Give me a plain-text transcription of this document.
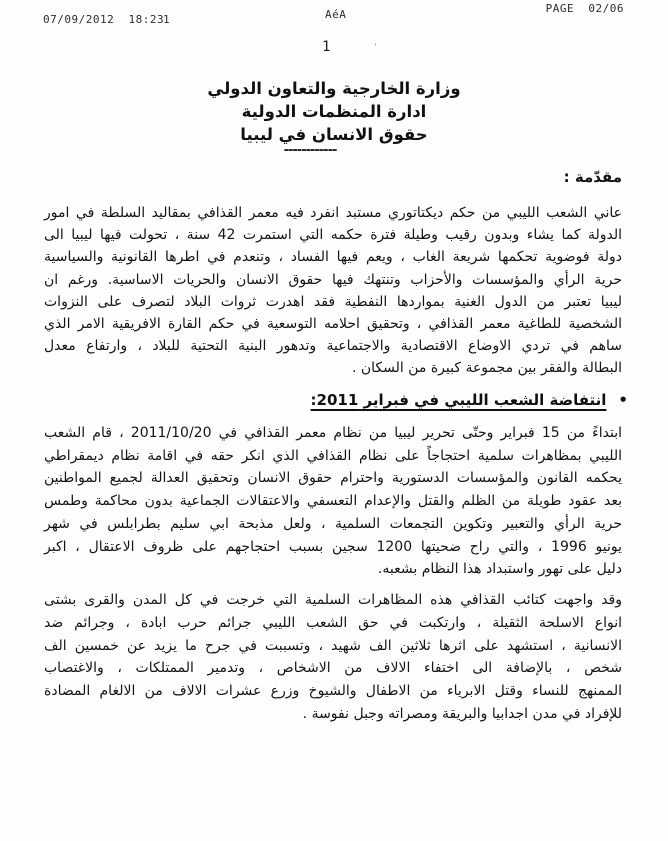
07/09/2012  18:23
1	AéA	PAGE  02/06
1	'
وزارة الخارجية والتعاون الدولي
ادارة المنظمات الدولية
حقوق الانسان في ليبيا
------------
مقدّمة :
عاني الشعب الليبي من حكم ديكتاتوري مستبد انفرد فيه معمر القذافي بمقاليد السلطة في امور
الدولة كما يشاء وبدون رقيب وطيلة فترة حكمه التي استمرت 42 سنة ، تحولت فيها ليبيا الى
دولة فوضوية تحكمها شريعة الغاب ، ويعم فيها الفساد ، وتنعدم في اطرها القانونية والسياسية
حرية الرأي والمؤسسات والأحزاب وتنتهك فيها حقوق الانسان والحريات الاساسية. ورغم ان
ليبيا تعتبر من الدول الغنية بمواردها النفطية فقد اهدرت ثروات البلاد لتصرف على النزوات
الشخصية للطاغية معمر القذافي ، وتحقيق احلامه التوسعية في حكم القارة الافريقية الامر الذي
ساهم في تردي الاوضاع الاقتصادية والاجتماعية وتدهور البنية التحتية للبلاد ، وارتفاع معدل
البطالة والفقر بين مجموعة كبيرة من السكان .
•
انتفاضة الشعب الليبي في فبراير 2011:
ابتداءً من 15 فبراير وحتّى تحرير ليبيا من نظام معمر القذافي في 2011/10/20 ، قام الشعب
الليبي بمظاهرات سلمية احتجاجاً على نظام القذافي الذي انكر حقه في اقامة نظام ديمقراطي
يحكمه القانون والمؤسسات الدستورية واحترام حقوق الانسان وتحقيق العدالة لجميع المواطنين
بعد عقود طويلة من الظلم والقتل والإعدام التعسفي والاعتقالات الجماعية بدون محاكمة وطمس
حرية الرأي والتعبير وتكوين التجمعات السلمية ، ولعل مذبحة ابي سليم بطرابلس في شهر
يونيو 1996 ، والتي راح ضحيتها 1200 سجين بسبب احتجاجهم على ظروف الاعتقال ، اكبر
دليل على تهور واستبداد هذا النظام بشعبه.
وقد واجهت كتائب القذافي هذه المظاهرات السلمية التي خرجت في كل المدن والقرى بشتى
انواع الاسلحة الثقيلة ، وارتكبت في حق الشعب الليبي جرائم حرب ابادة ، وجرائم ضد
الانسانية ، استشهد على اثرها ثلاثين الف شهيد ، وتسببت في جرح ما يزيد عن خمسين الف
شخص ، بالإضافة الى اختفاء الالاف من الاشخاص ، وتدمير الممتلكات ، والاغتصاب
الممنهج للنساء وقتل الابرياء من الاطفال والشيوخ وزرع عشرات الالاف من الالغام المضادة
للإفراد في مدن اجدابيا والبريقة ومصراته وجبل نفوسة .
